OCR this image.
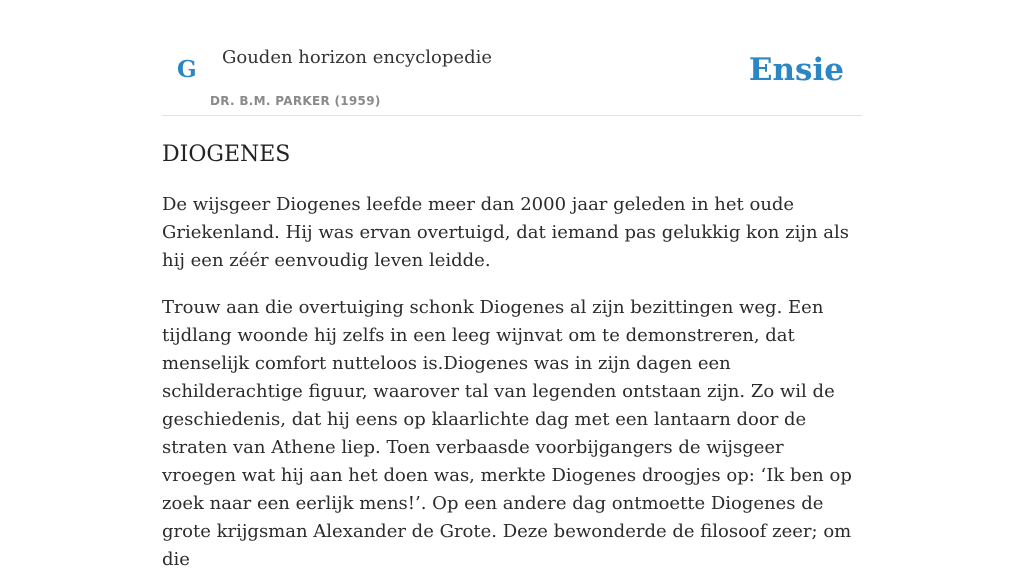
G Gouden horizon encyclopedie
DR. B.M. PARKER (1959)
Ensie
DIOGENES

De wijsgeer Diogenes leefde meer dan 2000 jaar geleden in het oude Griekenland. Hij was ervan overtuigd, dat iemand pas gelukkig kon zijn als hij een zéér eenvoudig leven leidde.

Trouw aan die overtuiging schonk Diogenes al zijn bezittingen weg. Een tijdlang woonde hij zelfs in een leeg wijnvat om te demonstreren, dat menselijk comfort nutteloos is.Diogenes was in zijn dagen een schilderachtige figuur, waarover tal van legenden ontstaan zijn. Zo wil de geschiedenis, dat hij eens op klaarlichte dag met een lantaarn door de straten van Athene liep. Toen verbaasde voorbijgangers de wijsgeer vroegen wat hij aan het doen was, merkte Diogenes droogjes op: ‘Ik ben op zoek naar een eerlijk mens!’. Op een andere dag ontmoette Diogenes de grote krijgsman Alexander de Grote. Deze bewonderde de filosoof zeer; om die
